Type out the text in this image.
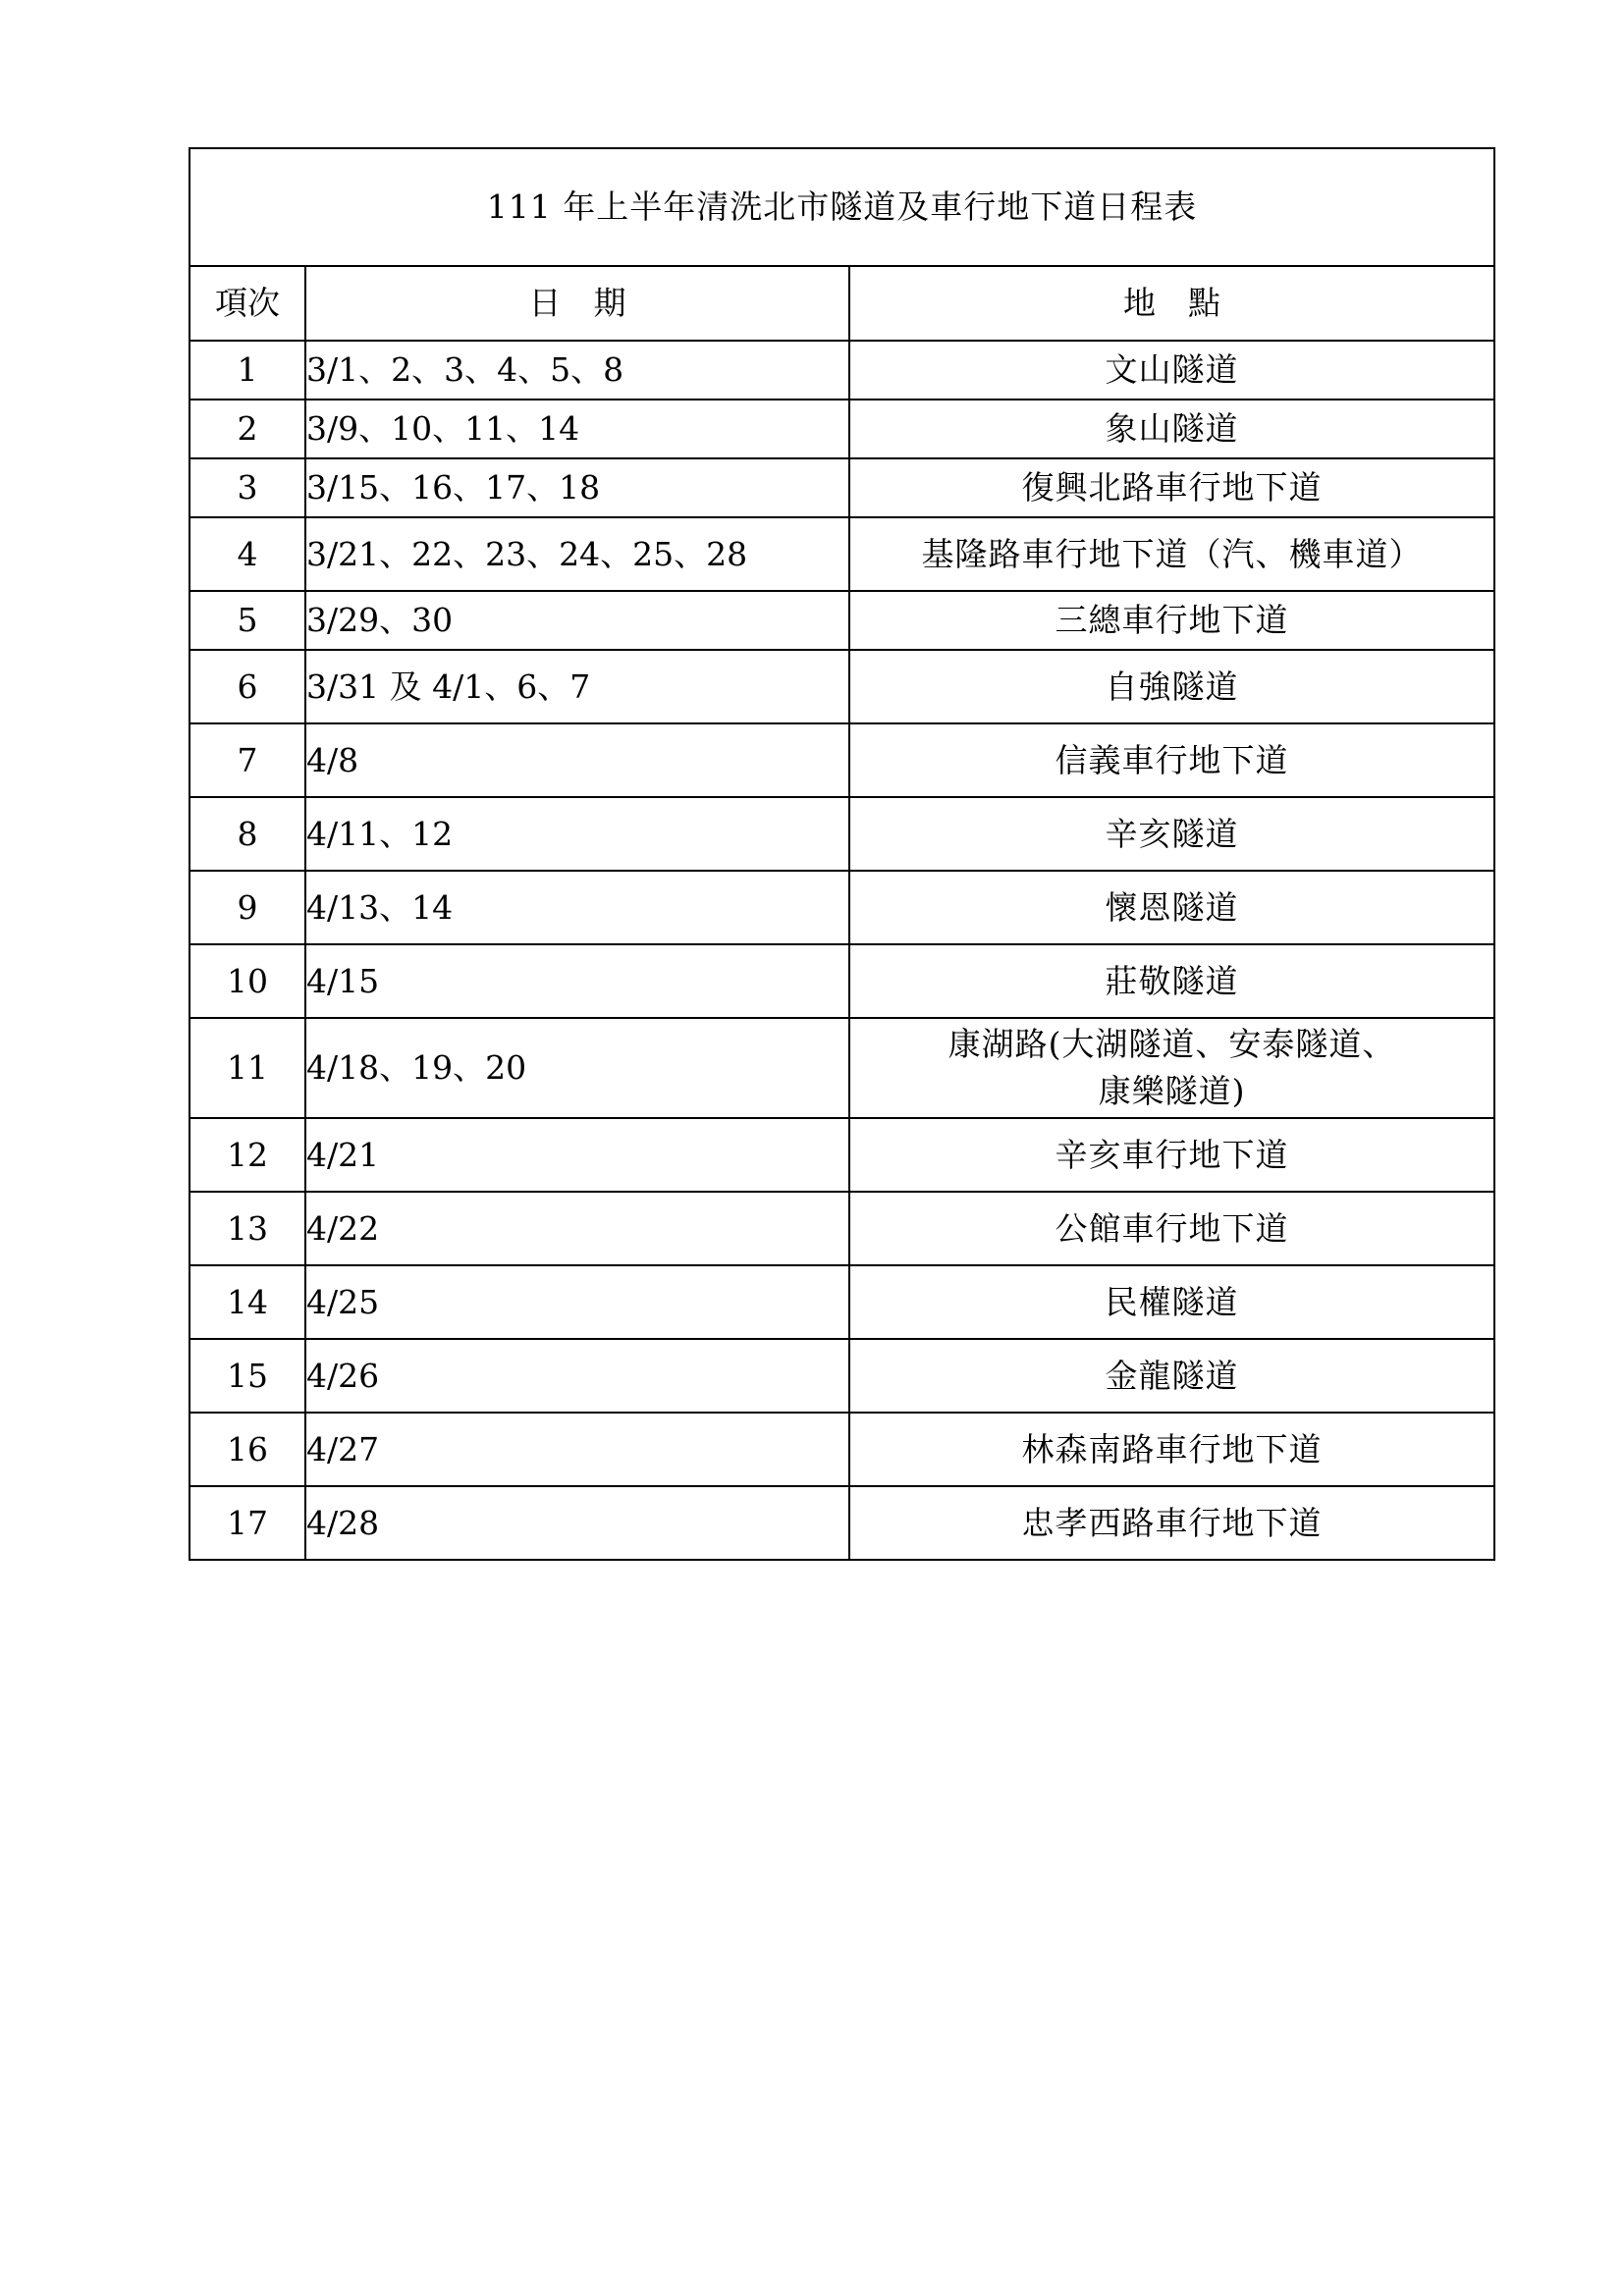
111 年上半年清洗北市隧道及車行地下道日程表		
項次	日　期	地　點
1	3/1、2、3、4、5、8	文山隧道
2	3/9、10、11、14	象山隧道
3	3/15、16、17、18	復興北路車行地下道
4	3/21、22、23、24、25、28	基隆路車行地下道（汽、機車道）
5	3/29、30	三總車行地下道
6	3/31 及 4/1、6、7	自強隧道
7	4/8	信義車行地下道
8	4/11、12	辛亥隧道
9	4/13、14	懷恩隧道
10	4/15	莊敬隧道
11	4/18、19、20	康湖路(大湖隧道、安泰隧道、
康樂隧道)

12	4/21	辛亥車行地下道
13	4/22	公館車行地下道
14	4/25	民權隧道
15	4/26	金龍隧道
16	4/27	林森南路車行地下道
17	4/28	忠孝西路車行地下道
